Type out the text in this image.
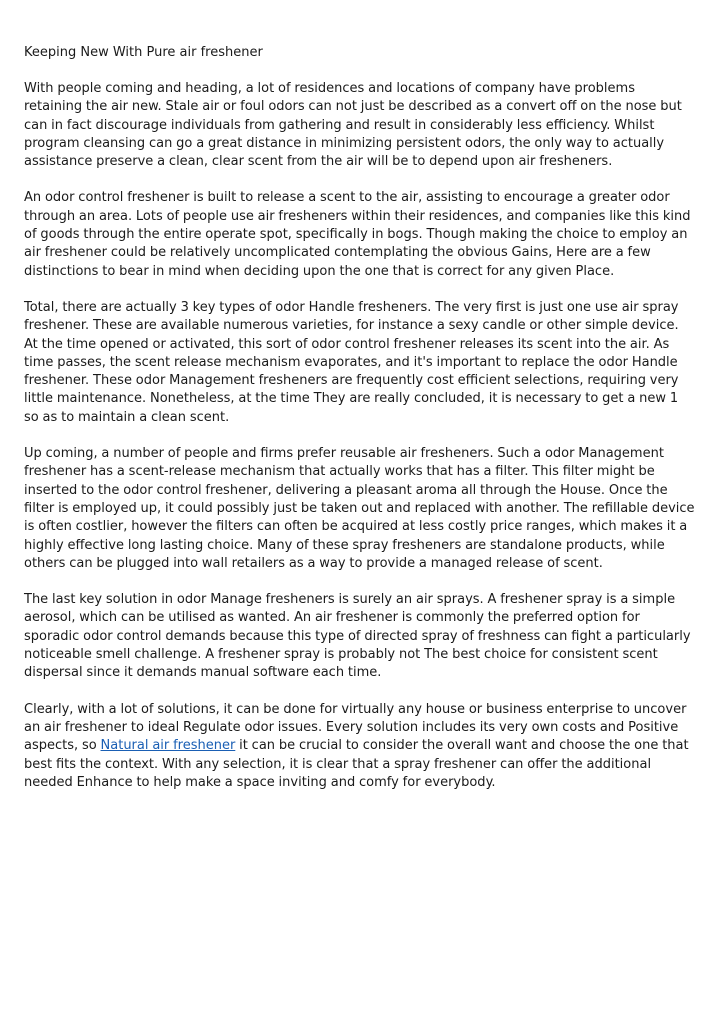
Keeping New With Pure air freshener

With people coming and heading, a lot of residences and locations of company have problems retaining the air new. Stale air or foul odors can not just be described as a convert off on the nose but can in fact discourage individuals from gathering and result in considerably less efficiency. Whilst program cleansing can go a great distance in minimizing persistent odors, the only way to actually assistance preserve a clean, clear scent from the air will be to depend upon air fresheners.

An odor control freshener is built to release a scent to the air, assisting to encourage a greater odor through an area. Lots of people use air fresheners within their residences, and companies like this kind of goods through the entire operate spot, specifically in bogs. Though making the choice to employ an air freshener could be relatively uncomplicated contemplating the obvious Gains, Here are a few distinctions to bear in mind when deciding upon the one that is correct for any given Place.

Total, there are actually 3 key types of odor Handle fresheners. The very first is just one use air spray freshener. These are available numerous varieties, for instance a sexy candle or other simple device. At the time opened or activated, this sort of odor control freshener releases its scent into the air. As time passes, the scent release mechanism evaporates, and it's important to replace the odor Handle freshener. These odor Management fresheners are frequently cost efficient selections, requiring very little maintenance. Nonetheless, at the time They are really concluded, it is necessary to get a new 1 so as to maintain a clean scent.

Up coming, a number of people and firms prefer reusable air fresheners. Such a odor Management freshener has a scent-release mechanism that actually works that has a filter. This filter might be inserted to the odor control freshener, delivering a pleasant aroma all through the House. Once the filter is employed up, it could possibly just be taken out and replaced with another. The refillable device is often costlier, however the filters can often be acquired at less costly price ranges, which makes it a highly effective long lasting choice. Many of these spray fresheners are standalone products, while others can be plugged into wall retailers as a way to provide a managed release of scent.

The last key solution in odor Manage fresheners is surely an air sprays. A freshener spray is a simple aerosol, which can be utilised as wanted. An air freshener is commonly the preferred option for sporadic odor control demands because this type of directed spray of freshness can fight a particularly noticeable smell challenge. A freshener spray is probably not The best choice for consistent scent dispersal since it demands manual software each time.

Clearly, with a lot of solutions, it can be done for virtually any house or business enterprise to uncover an air freshener to ideal Regulate odor issues. Every solution includes its very own costs and Positive aspects, so Natural air freshener it can be crucial to consider the overall want and choose the one that best fits the context. With any selection, it is clear that a spray freshener can offer the additional needed Enhance to help make a space inviting and comfy for everybody.
